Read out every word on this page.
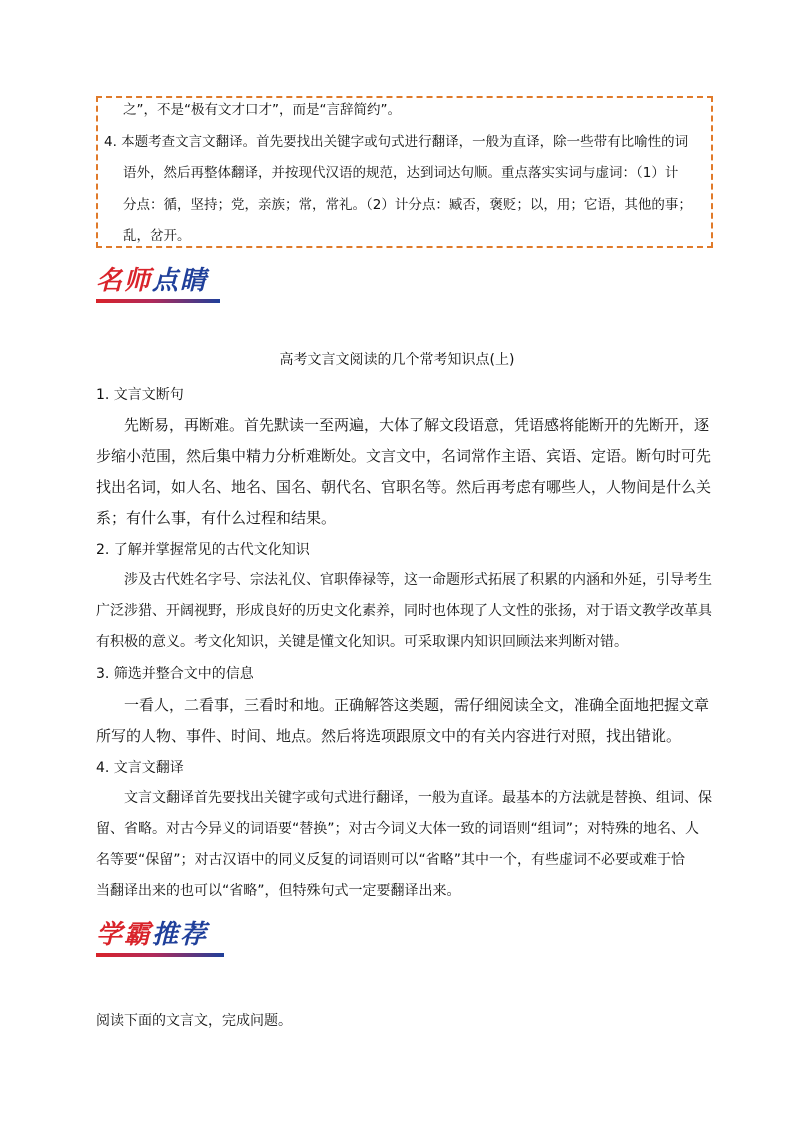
之”，不是“极有文才口才”，而是“言辞简约”。
4. 本题考查文言文翻译。首先要找出关键字或句式进行翻译，一般为直译，除一些带有比喻性的词
语外，然后再整体翻译，并按现代汉语的规范，达到词达句顺。重点落实实词与虚词：（1）计
分点：循，坚持；党，亲族；常，常礼。（2）计分点：臧否，褒贬；以，用；它语，其他的事；
乱，岔开。
名师点睛
高考文言文阅读的几个常考知识点(上)
1. 文言文断句
先断易，再断难。首先默读一至两遍，大体了解文段语意，凭语感将能断开的先断开，逐
步缩小范围，然后集中精力分析难断处。文言文中，名词常作主语、宾语、定语。断句时可先
找出名词，如人名、地名、国名、朝代名、官职名等。然后再考虑有哪些人，人物间是什么关
系；有什么事，有什么过程和结果。
2. 了解并掌握常见的古代文化知识
涉及古代姓名字号、宗法礼仪、官职俸禄等，这一命题形式拓展了积累的内涵和外延，引导考生
广泛涉猎、开阔视野，形成良好的历史文化素养，同时也体现了人文性的张扬，对于语文教学改革具
有积极的意义。考文化知识，关键是懂文化知识。可采取课内知识回顾法来判断对错。
3. 筛选并整合文中的信息
一看人，二看事，三看时和地。正确解答这类题，需仔细阅读全文，准确全面地把握文章
所写的人物、事件、时间、地点。然后将选项跟原文中的有关内容进行对照，找出错讹。
4. 文言文翻译
文言文翻译首先要找出关键字或句式进行翻译，一般为直译。最基本的方法就是替换、组词、保
留、省略。对古今异义的词语要“替换”；对古今词义大体一致的词语则“组词”；对特殊的地名、人
名等要“保留”；对古汉语中的同义反复的词语则可以“省略”其中一个，有些虚词不必要或难于恰
当翻译出来的也可以“省略”，但特殊句式一定要翻译出来。
学霸推荐
阅读下面的文言文，完成问题。
